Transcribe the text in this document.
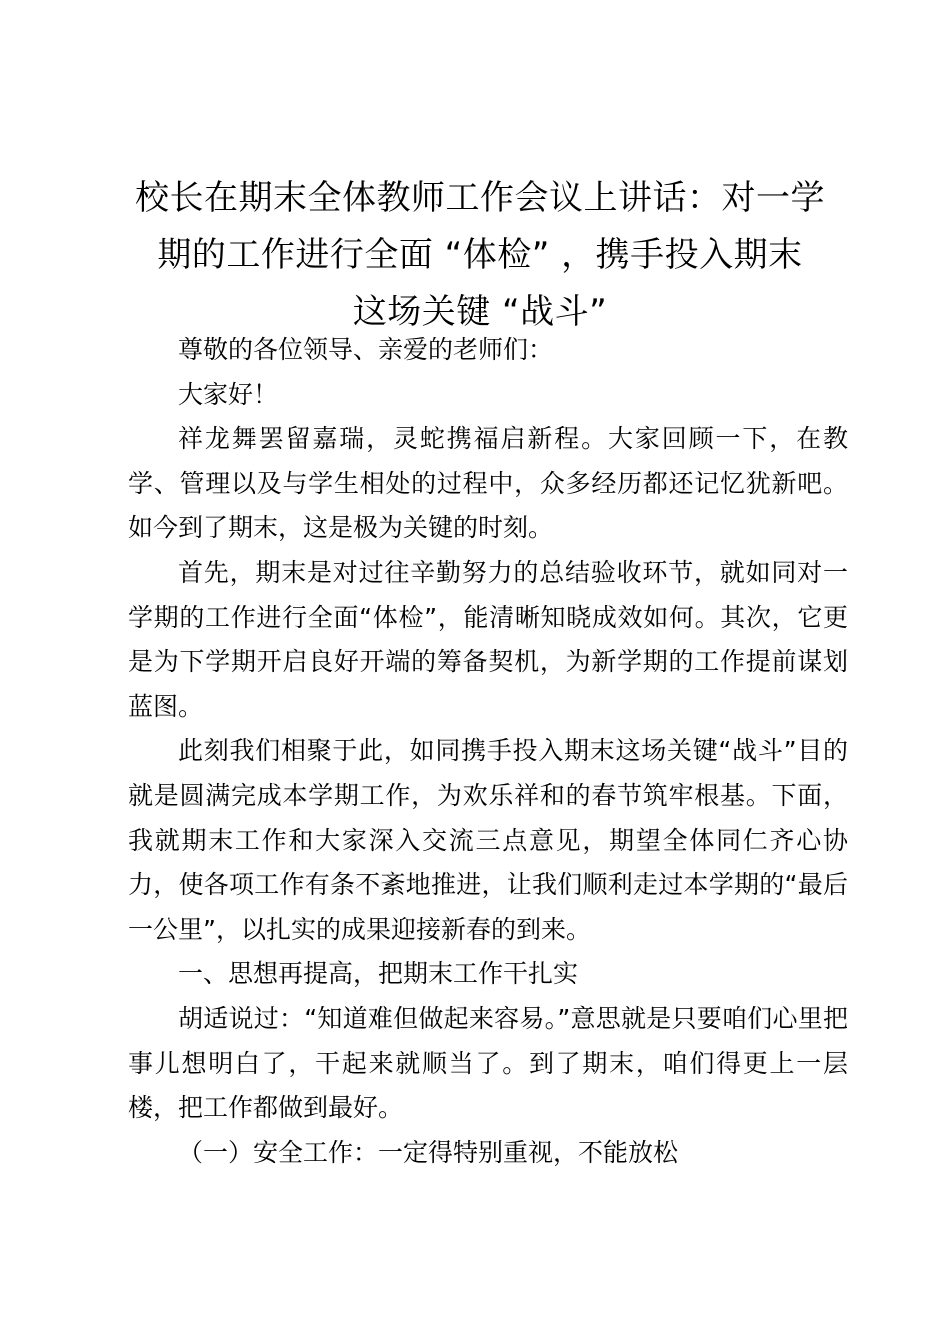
校长在期末全体教师工作会议上讲话：对一学
期的工作进行全面 “体检” ，携手投入期末
这场关键 “战斗”

尊敬的各位领导、亲爱的老师们：

大家好！

祥龙舞罢留嘉瑞，灵蛇携福启新程。大家回顾一下，在教学、管理以及与学生相处的过程中，众多经历都还记忆犹新吧。如今到了期末，这是极为关键的时刻。

首先，期末是对过往辛勤努力的总结验收环节，就如同对一学期的工作进行全面“体检”，能清晰知晓成效如何。其次，它更是为下学期开启良好开端的筹备契机，为新学期的工作提前谋划蓝图。

此刻我们相聚于此，如同携手投入期末这场关键“战斗”目的就是圆满完成本学期工作，为欢乐祥和的春节筑牢根基。下面，我就期末工作和大家深入交流三点意见，期望全体同仁齐心协力，使各项工作有条不紊地推进，让我们顺利走过本学期的“最后一公里”，以扎实的成果迎接新春的到来。

一、思想再提高，把期末工作干扎实

胡适说过：“知道难但做起来容易。”意思就是只要咱们心里把事儿想明白了，干起来就顺当了。到了期末，咱们得更上一层楼，把工作都做到最好。

（一）安全工作：一定得特别重视，不能放松
